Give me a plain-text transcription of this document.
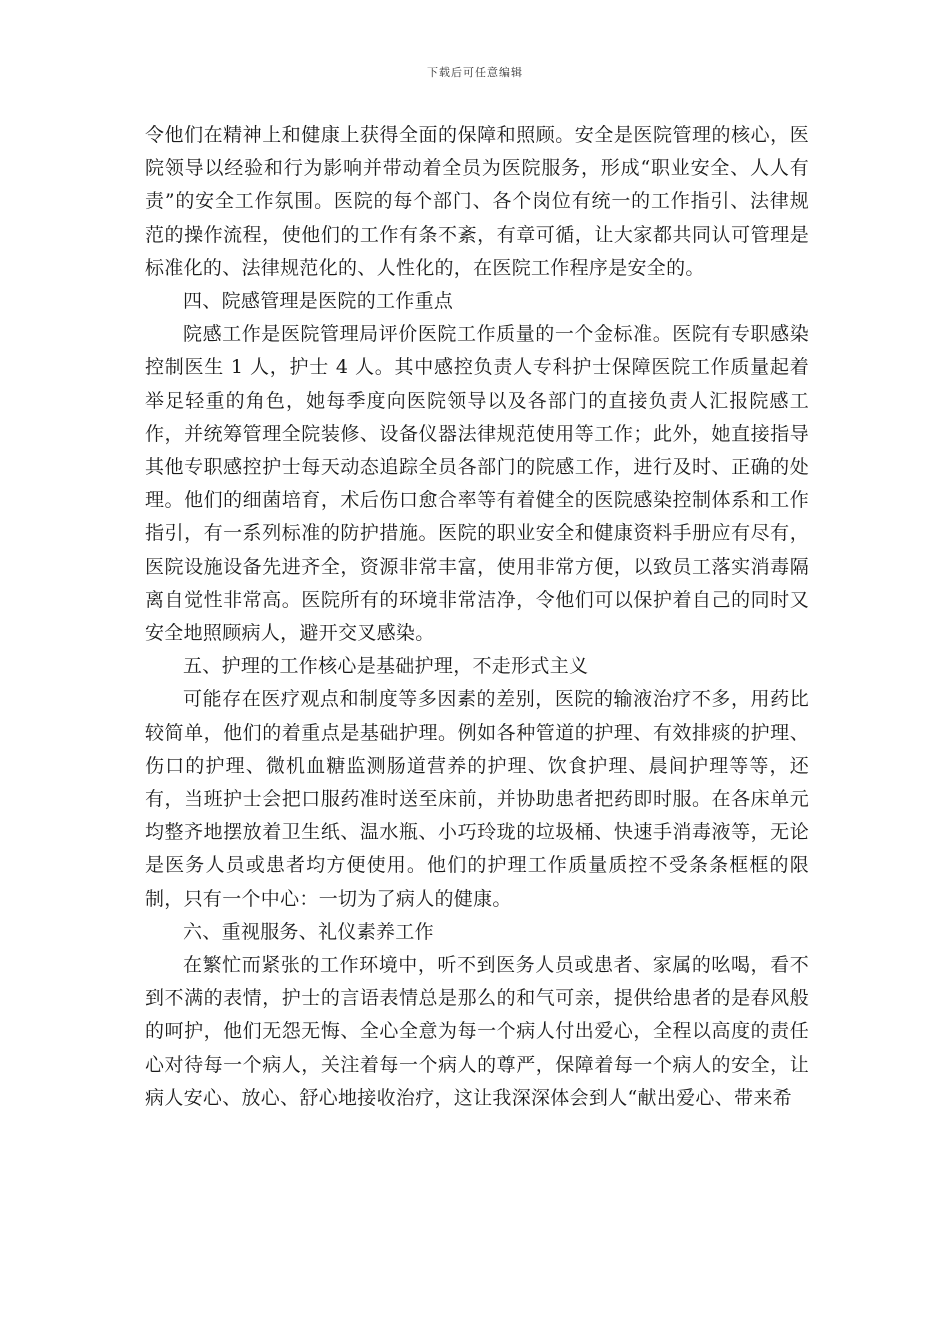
下载后可任意编辑

令他们在精神上和健康上获得全面的保障和照顾。安全是医院管理的核心，医院领导以经验和行为影响并带动着全员为医院服务，形成“职业安全、人人有责”的安全工作氛围。医院的每个部门、各个岗位有统一的工作指引、法律规范的操作流程，使他们的工作有条不紊，有章可循，让大家都共同认可管理是标准化的、法律规范化的、人性化的，在医院工作程序是安全的。

四、院感管理是医院的工作重点

院感工作是医院管理局评价医院工作质量的一个金标准。医院有专职感染控制医生 1 人，护士 4 人。其中感控负责人专科护士保障医院工作质量起着举足轻重的角色，她每季度向医院领导以及各部门的直接负责人汇报院感工作，并统筹管理全院装修、设备仪器法律规范使用等工作；此外，她直接指导其他专职感控护士每天动态追踪全员各部门的院感工作，进行及时、正确的处理。他们的细菌培育，术后伤口愈合率等有着健全的医院感染控制体系和工作指引，有一系列标准的防护措施。医院的职业安全和健康资料手册应有尽有，医院设施设备先进齐全，资源非常丰富，使用非常方便，以致员工落实消毒隔离自觉性非常高。医院所有的环境非常洁净，令他们可以保护着自己的同时又安全地照顾病人，避开交叉感染。

五、护理的工作核心是基础护理，不走形式主义

可能存在医疗观点和制度等多因素的差别，医院的输液治疗不多，用药比较简单，他们的着重点是基础护理。例如各种管道的护理、有效排痰的护理、伤口的护理、微机血糖监测肠道营养的护理、饮食护理、晨间护理等等，还有，当班护士会把口服药准时送至床前，并协助患者把药即时服。在各床单元均整齐地摆放着卫生纸、温水瓶、小巧玲珑的垃圾桶、快速手消毒液等，无论是医务人员或患者均方便使用。他们的护理工作质量质控不受条条框框的限制，只有一个中心：一切为了病人的健康。

六、重视服务、礼仪素养工作

在繁忙而紧张的工作环境中，听不到医务人员或患者、家属的吆喝，看不到不满的表情，护士的言语表情总是那么的和气可亲，提供给患者的是春风般的呵护，他们无怨无悔、全心全意为每一个病人付出爱心，全程以高度的责任心对待每一个病人，关注着每一个病人的尊严，保障着每一个病人的安全，让病人安心、放心、舒心地接收治疗，这让我深深体会到人“献出爱心、带来希
